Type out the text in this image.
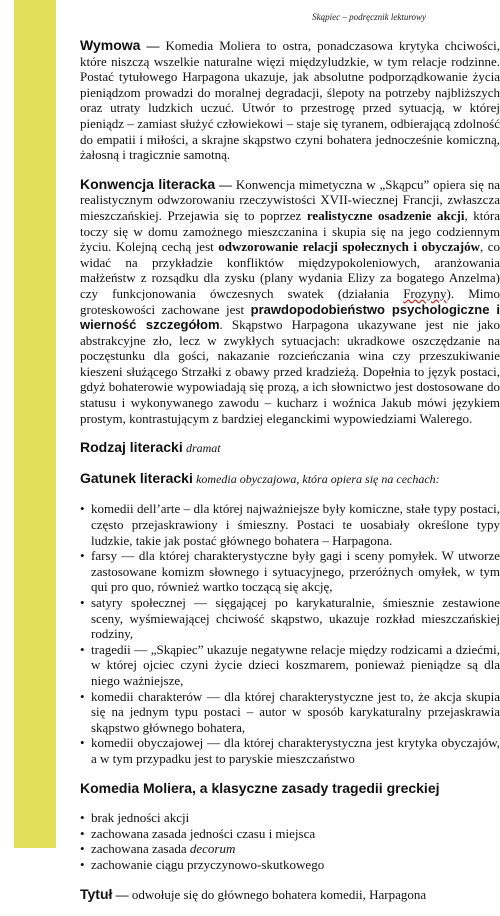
Skąpiec – podręcznik lekturowy

Wymowa — Komedia Moliera to ostra, ponadczasowa krytyka chciwości, które niszczą wszelkie naturalne więzi międzyludzkie, w tym relacje rodzinne. Postać tytułowego Harpagona ukazuje, jak absolutne podporządkowanie życia pieniądzom prowadzi do moralnej degradacji, ślepoty na potrzeby najbliższych oraz utraty ludzkich uczuć. Utwór to przestrogę przed sytuacją, w której pieniądz – zamiast służyć człowiekowi – staje się tyranem, odbierającą zdolność do empatii i miłości, a skrajne skąpstwo czyni bohatera jednocześnie komiczną, żałosną i tragicznie samotną.

Konwencja literacka — Konwencja mimetyczna w „Skąpcu” opiera się na realistycznym odwzorowaniu rzeczywistości XVII-wiecznej Francji, zwłaszcza mieszczańskiej. Przejawia się to poprzez realistyczne osadzenie akcji, która toczy się w domu zamożnego mieszczanina i skupia się na jego codziennym życiu. Kolejną cechą jest odwzorowanie relacji społecznych i obyczajów, co widać na przykładzie konfliktów międzypokoleniowych, aranżowania małżeństw z rozsądku dla zysku (plany wydania Elizy za bogatego Anzelma) czy funkcjonowania ówczesnych swatek (działania Frozyny). Mimo groteskowości zachowane jest prawdopodobieństwo psychologiczne i wierność szczegółom. Skąpstwo Harpagona ukazywane jest nie jako abstrakcyjne zło, lecz w zwykłych sytuacjach: ukradkowe oszczędzanie na poczęstunku dla gości, nakazanie rozcieńczania wina czy przeszukiwanie kieszeni służącego Strzałki z obawy przed kradzieżą. Dopełnia to język postaci, gdyż bohaterowie wypowiadają się prozą, a ich słownictwo jest dostosowane do statusu i wykonywanego zawodu – kucharz i woźnica Jakub mówi językiem prostym, kontrastującym z bardziej eleganckimi wypowiedziami Walerego.

Rodzaj literacki dramat

Gatunek literacki komedia obyczajowa, która opiera się na cechach:

• komedii dell’arte – dla której najważniejsze były komiczne, stałe typy postaci, często przejaskrawiony i śmieszny. Postaci te uosabiały określone typy ludzkie, takie jak postać głównego bohatera – Harpagona.
• farsy — dla której charakterystyczne były gagi i sceny pomyłek. W utworze zastosowane komizm słownego i sytuacyjnego, przeróżnych omyłek, w tym qui pro quo, również wartko toczącą się akcję,
• satyry społecznej — sięgającej po karykaturalnie, śmiesznie zestawione sceny, wyśmiewającej chciwość skąpstwo, ukazuje rozkład mieszczańskiej rodziny,
• tragedii — „Skąpiec” ukazuje negatywne relacje między rodzicami a dziećmi, w której ojciec czyni życie dzieci koszmarem, ponieważ pieniądze są dla niego ważniejsze,
• komedii charakterów — dla której charakterystyczne jest to, że akcja skupia się na jednym typu postaci – autor w sposób karykaturalny przejaskrawia skąpstwo głównego bohatera,
• komedii obyczajowej — dla której charakterystyczna jest krytyka obyczajów, a w tym przypadku jest to paryskie mieszczaństwo

Komedia Moliera, a klasyczne zasady tragedii greckiej

• brak jedności akcji
• zachowana zasada jedności czasu i miejsca
• zachowana zasada decorum
• zachowanie ciągu przyczynowo-skutkowego

Tytuł — odwołuje się do głównego bohatera komedii, Harpagona
